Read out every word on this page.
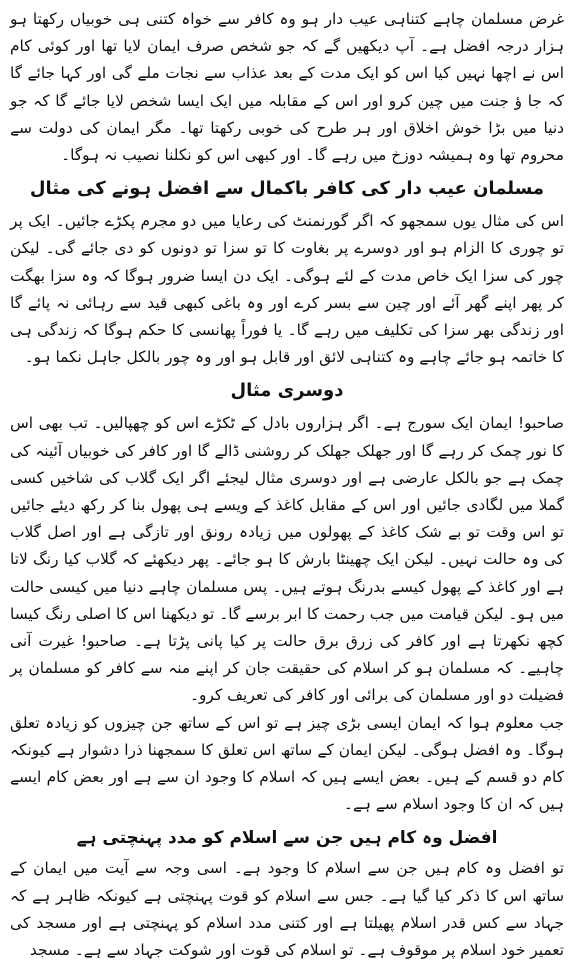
غرض مسلمان چاہے کتناہی عیب دار ہو وہ کافر سے خواہ کتنی ہی خوبیاں رکھتا ہو ہزار درجہ افضل ہے۔ آپ دیکھیں گے کہ جو شخص صرف ایمان لایا تھا اور کوئی کام اس نے اچھا نہیں کیا اس کو ایک مدت کے بعد عذاب سے نجات ملے گی اور کہا جائے گا کہ جا ؤ جنت میں چین کرو اور اس کے مقابلہ میں ایک ایسا شخص لایا جائے گا کہ جو دنیا میں بڑا خوش اخلاق اور ہر طرح کی خوبی رکھتا تھا۔ مگر ایمان کی دولت سے محروم تھا وہ ہمیشہ دوزخ میں رہے گا۔ اور کبھی اس کو نکلنا نصیب نہ ہوگا۔

مسلمان عیب دار کی کافر باکمال سے افضل ہونے کی مثال

اس کی مثال یوں سمجھو کہ اگر گورنمنٹ کی رعایا میں دو مجرم پکڑے جائیں۔ ایک پر تو چوری کا الزام ہو اور دوسرے پر بغاوت کا تو سزا تو دونوں کو دی جائے گی۔ لیکن چور کی سزا ایک خاص مدت کے لئے ہوگی۔ ایک دن ایسا ضرور ہوگا کہ وہ سزا بھگت کر پھر اپنے گھر آئے اور چین سے بسر کرے اور وہ باغی کبھی قید سے رہائی نہ پائے گا اور زندگی بھر سزا کی تکلیف میں رہے گا۔ یا فوراً پھانسی کا حکم ہوگا کہ زندگی ہی کا خاتمہ ہو جائے چاہے وہ کتناہی لائق اور قابل ہو اور وہ چور بالکل جاہل نکما ہو۔

دوسری مثال

صاحبو! ایمان ایک سورج ہے۔ اگر ہزاروں بادل کے ٹکڑے اس کو چھپالیں۔ تب بھی اس کا نور چمک کر رہے گا اور جھلک جھلک کر روشنی ڈالے گا اور کافر کی خوبیاں آئینہ کی چمک ہے جو بالکل عارضی ہے اور دوسری مثال لیجئے اگر ایک گلاب کی شاخیں کسی گملا میں لگادی جائیں اور اس کے مقابل کاغذ کے ویسے ہی پھول بنا کر رکھ دیئے جائیں تو اس وقت تو بے شک کاغذ کے پھولوں میں زیادہ رونق اور تازگی ہے اور اصل گلاب کی وہ حالت نہیں۔ لیکن ایک چھینٹا بارش کا ہو جائے۔ پھر دیکھئے کہ گلاب کیا رنگ لاتا ہے اور کاغذ کے پھول کیسے بدرنگ ہوتے ہیں۔ پس مسلمان چاہے دنیا میں کیسی حالت میں ہو۔ لیکن قیامت میں جب رحمت کا ابر برسے گا۔ تو دیکھنا اس کا اصلی رنگ کیسا کچھ نکھرتا ہے اور کافر کی زرق برق حالت پر کیا پانی پڑتا ہے۔ صاحبو! غیرت آنی چاہیے۔ کہ مسلمان ہو کر اسلام کی حقیقت جان کر اپنے منہ سے کافر کو مسلمان پر فضیلت دو اور مسلمان کی برائی اور کافر کی تعریف کرو۔

جب معلوم ہوا کہ ایمان ایسی بڑی چیز ہے تو اس کے ساتھ جن چیزوں کو زیادہ تعلق ہوگا۔ وہ افضل ہوگی۔ لیکن ایمان کے ساتھ اس تعلق کا سمجھنا ذرا دشوار ہے کیونکہ کام دو قسم کے ہیں۔ بعض ایسے ہیں کہ اسلام کا وجود ان سے ہے اور بعض کام ایسے ہیں کہ ان کا وجود اسلام سے ہے۔

افضل وہ کام ہیں جن سے اسلام کو مدد پہنچتی ہے

تو افضل وہ کام ہیں جن سے اسلام کا وجود ہے۔ اسی وجہ سے آیت میں ایمان کے ساتھ اس کا ذکر کیا گیا ہے۔ جس سے اسلام کو قوت پہنچتی ہے کیونکہ ظاہر ہے کہ جہاد سے کس قدر اسلام پھیلتا ہے اور کتنی مدد اسلام کو پہنچتی ہے اور مسجد کی تعمیر خود اسلام پر موقوف ہے۔ تو اسلام کی قوت اور شوکت جہاد سے ہے۔ مسجد
